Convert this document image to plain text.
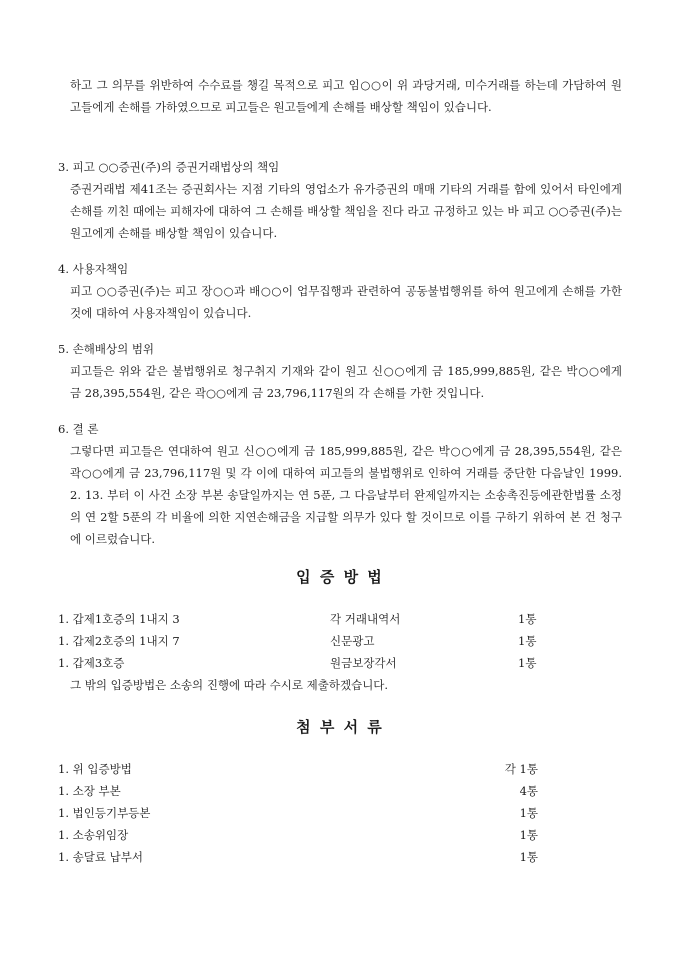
하고 그 의무를 위반하여 수수료를 챙길 목적으로 피고 임○○이 위 과당거래, 미수거래를 하는데 가담하여 원고들에게 손해를 가하였으므로 피고들은 원고들에게 손해를 배상할 책임이 있습니다.

3. 피고 ○○증권(주)의 증권거래법상의 책임

증권거래법 제41조는 증권회사는 지점 기타의 영업소가 유가증권의 매매 기타의 거래를 함에 있어서 타인에게 손해를 끼친 때에는 피해자에 대하여 그 손해를 배상할 책임을 진다 라고 규정하고 있는 바 피고 ○○증권(주)는 원고에게 손해를 배상할 책임이 있습니다.

4. 사용자책임

피고 ○○증권(주)는 피고 장○○과 배○○이 업무집행과 관련하여 공동불법행위를 하여 원고에게 손해를 가한 것에 대하여 사용자책임이 있습니다.

5. 손해배상의 범위

피고들은 위와 같은 불법행위로 청구취지 기재와 같이 원고 신○○에게 금 185,999,885원, 같은 박○○에게 금 28,395,554원, 같은 곽○○에게 금 23,796,117원의 각 손해를 가한 것입니다.

6. 결 론

그렇다면 피고들은 연대하여 원고 신○○에게 금 185,999,885원, 같은 박○○에게 금 28,395,554원, 같은 곽○○에게 금 23,796,117원 및 각 이에 대하여 피고들의 불법행위로 인하여 거래를 중단한 다음날인 1999. 2. 13. 부터 이 사건 소장 부본 송달일까지는 연 5푼, 그 다음날부터 완제일까지는 소송촉진등에관한법률 소정의 연 2할 5푼의 각 비율에 의한 지연손해금을 지급할 의무가 있다 할 것이므로 이를 구하기 위하여 본 건 청구에 이르렀습니다.

입 증 방 법
1. 갑제1호증의 1내지 3	각 거래내역서	1통
1. 갑제2호증의 1내지 7	신문광고	1통
1. 갑제3호증	원금보장각서	1통

그 밖의 입증방법은 소송의 진행에 따라 수시로 제출하겠습니다.

첨 부 서 류
1. 위 입증방법	각 1통
1. 소장 부본	4통
1. 법인등기부등본	1통
1. 소송위임장	1통
1. 송달료 납부서	1통
